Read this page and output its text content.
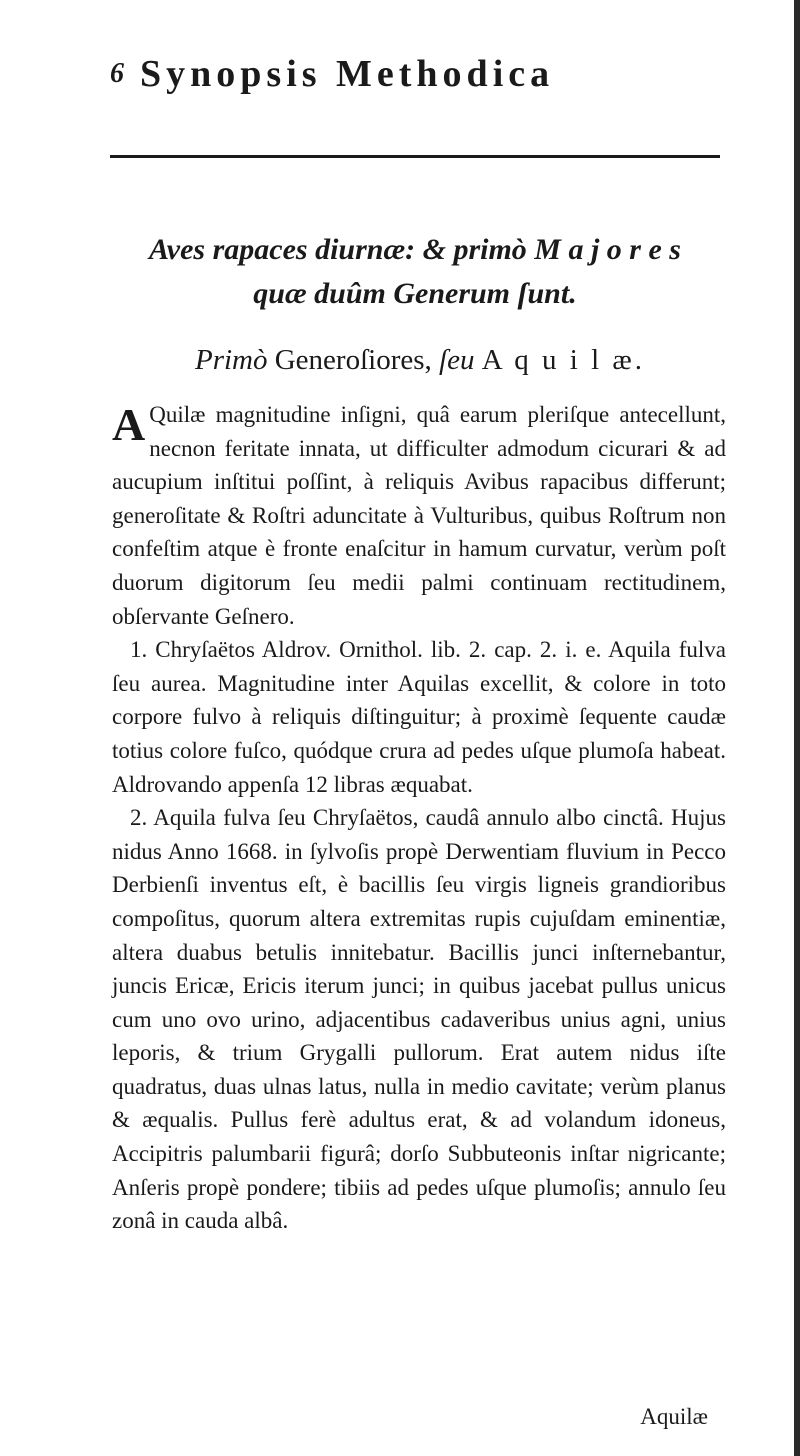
6 Synopsis Methodica
Aves rapaces diurnæ: & primò M a j o r e s
quæ duûm Generum ſunt.
Primò Generoſiores, ſeu A q u i l æ.

A Quilæ magnitudine inſigni, quâ earum pleriſque antecellunt, necnon feritate innata, ut difficulter admodum cicurari & ad aucupium inſtitui poſſint, à reliquis Avibus rapacibus differunt; generoſitate & Roſtri aduncitate à Vulturibus, quibus Roſtrum non confeſtim atque è fronte enaſcitur in hamum curvatur, verùm poſt duorum digitorum ſeu medii palmi continuam rectitudinem, obſervante Geſnero.

1. Chryſaëtos Aldrov. Ornithol. lib. 2. cap. 2. i. e. Aquila fulva ſeu aurea. Magnitudine inter Aquilas excellit, & colore in toto corpore fulvo à reliquis diſtinguitur; à proximè ſequente caudæ totius colore fuſco, quódque crura ad pedes uſque plumoſa habeat. Aldrovando appenſa 12 libras æquabat.

2. Aquila fulva ſeu Chryſaëtos, caudâ annulo albo cinctâ. Hujus nidus Anno 1668. in ſylvoſis propè Derwentiam fluvium in Pecco Derbienſi inventus eſt, è bacillis ſeu virgis ligneis grandioribus compoſitus, quorum altera extremitas rupis cujuſdam eminentiæ, altera duabus betulis innitebatur. Bacillis junci inſternebantur, juncis Ericæ, Ericis iterum junci; in quibus jacebat pullus unicus cum uno ovo urino, adjacentibus cadaveribus unius agni, unius leporis, & trium Grygalli pullorum. Erat autem nidus iſte quadratus, duas ulnas latus, nulla in medio cavitate; verùm planus & æqualis. Pullus ferè adultus erat, & ad volandum idoneus, Accipitris palumbarii figurâ; dorſo Subbuteonis inſtar nigricante; Anſeris propè pondere; tibiis ad pedes uſque plumoſis; annulo ſeu zonâ in cauda albâ.

Aquilæ
